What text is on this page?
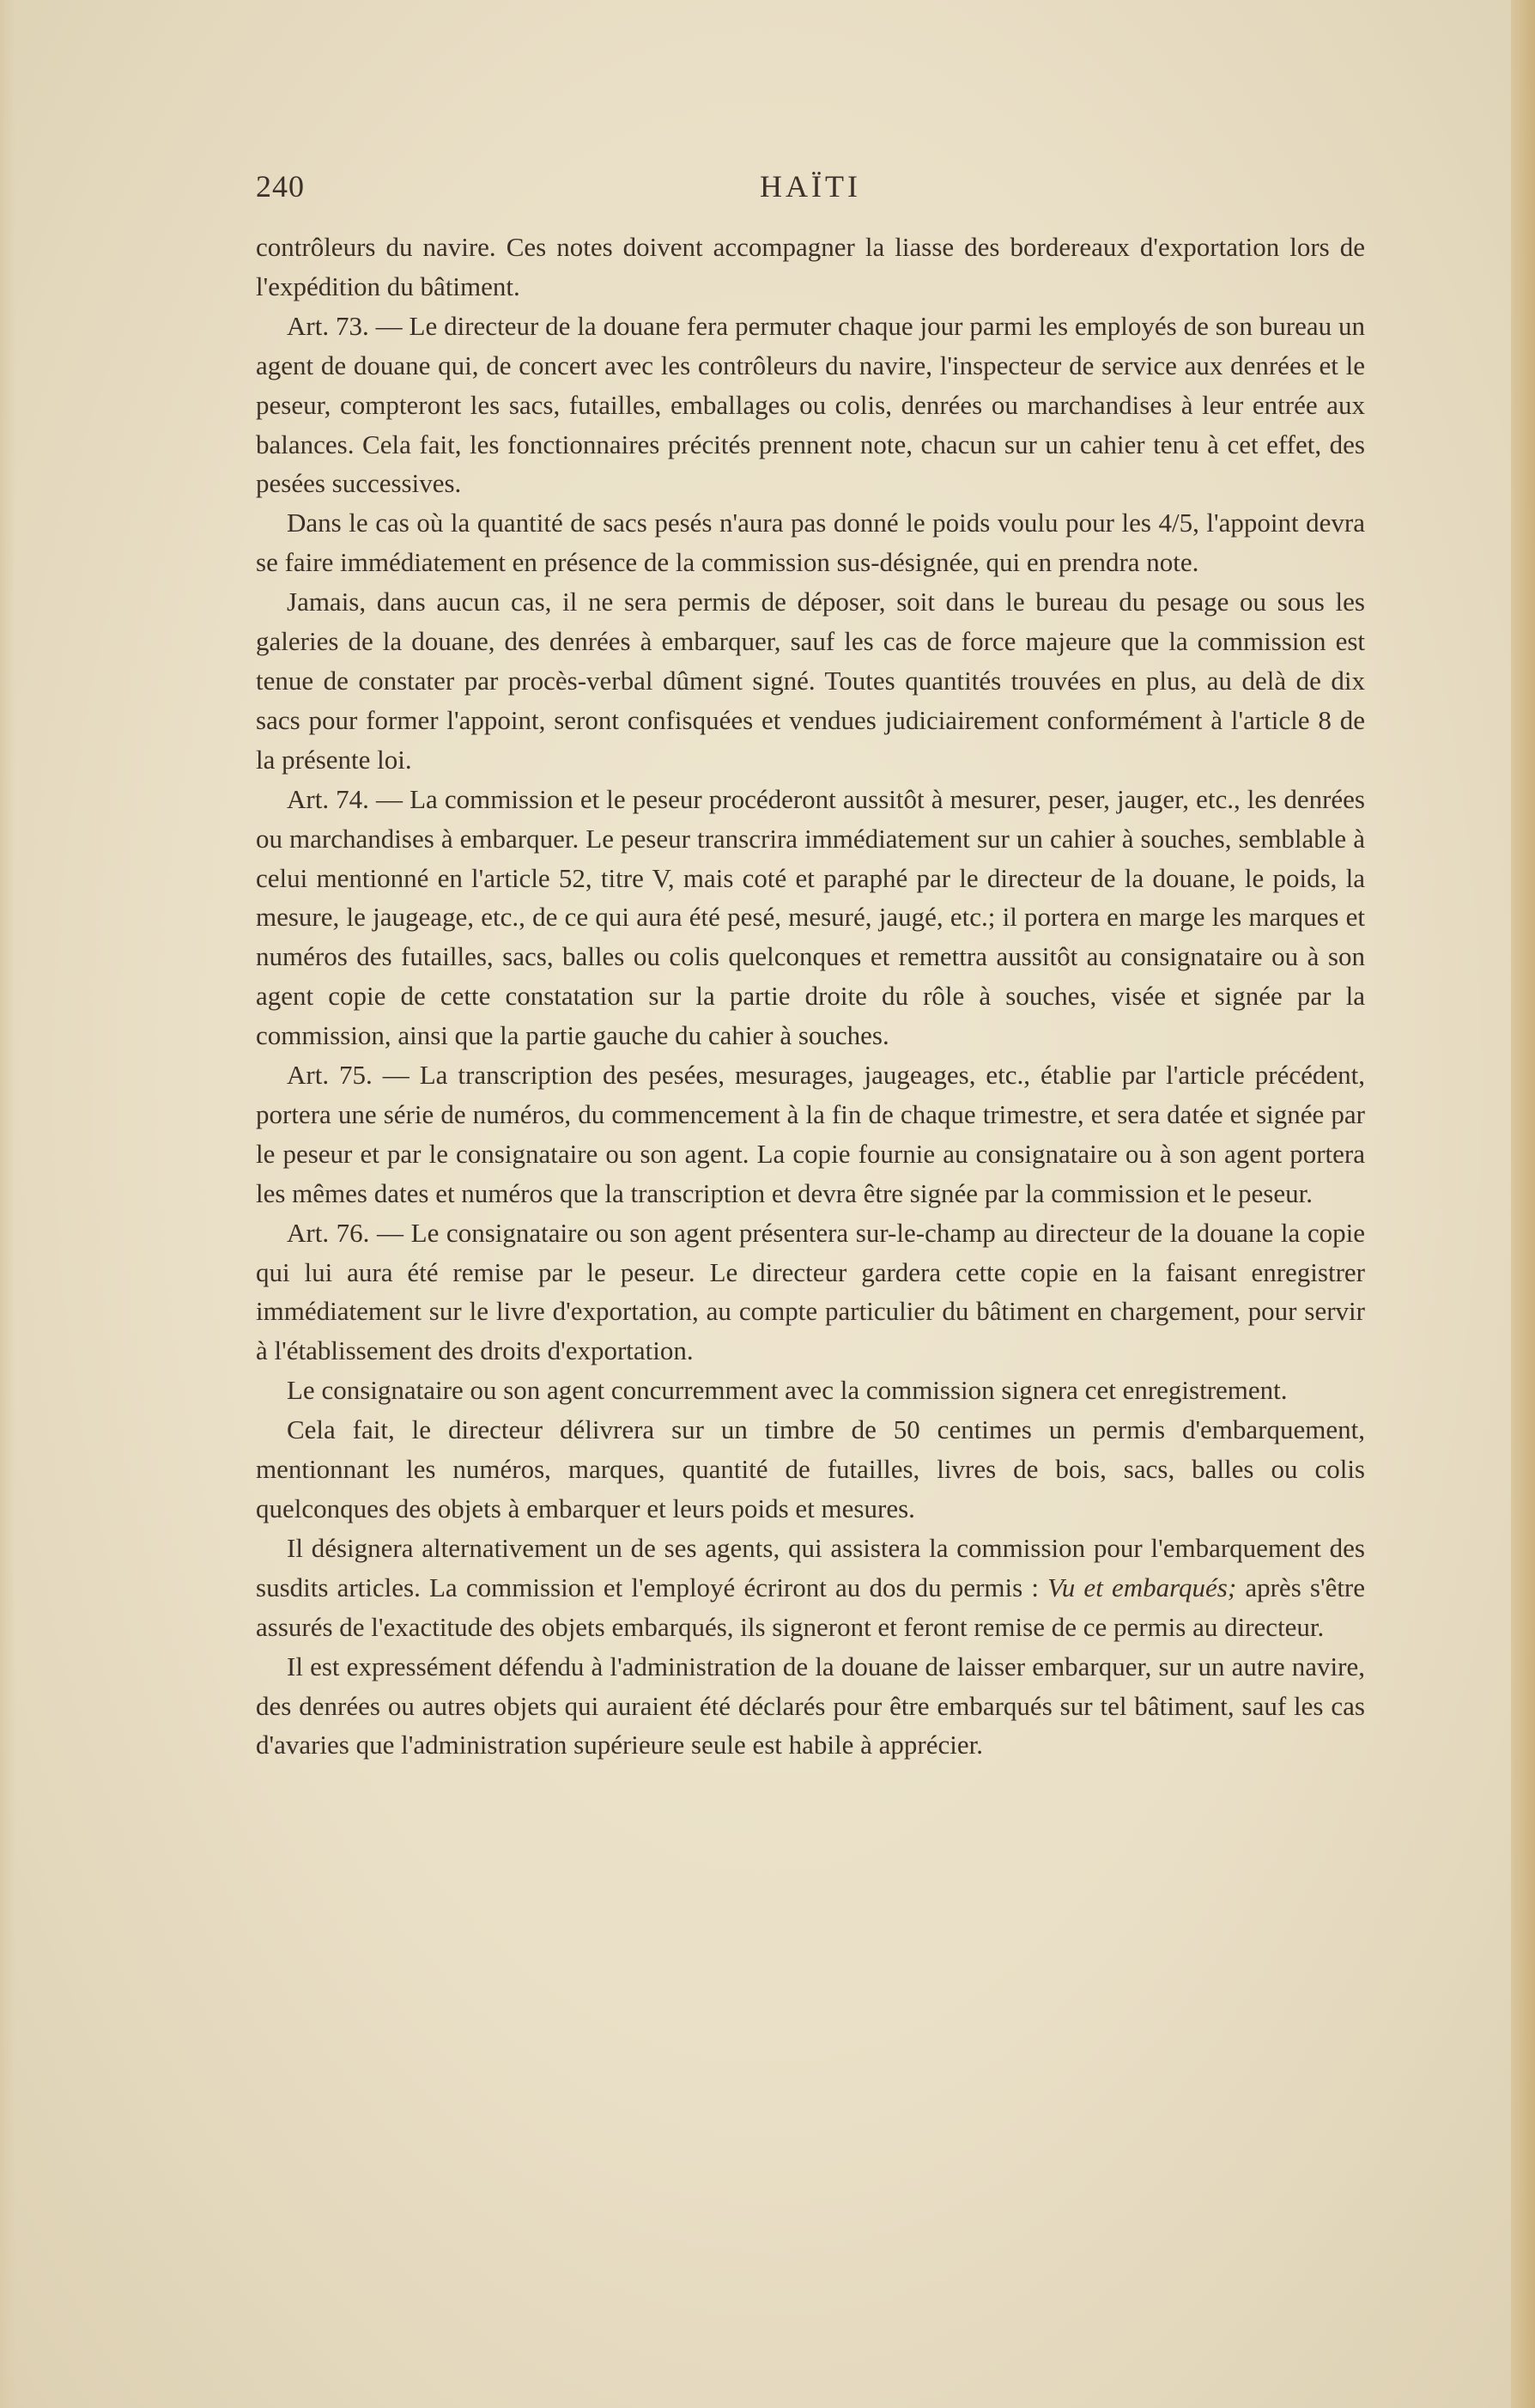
240	HAÏTI

contrôleurs du navire. Ces notes doivent accompagner la liasse des bordereaux d'exportation lors de l'expédition du bâtiment.

Art. 73. — Le directeur de la douane fera permuter chaque jour parmi les employés de son bureau un agent de douane qui, de concert avec les contrôleurs du navire, l'inspecteur de service aux denrées et le peseur, compteront les sacs, futailles, emballages ou colis, denrées ou marchandises à leur entrée aux balances. Cela fait, les fonctionnaires précités prennent note, chacun sur un cahier tenu à cet effet, des pesées successives.

Dans le cas où la quantité de sacs pesés n'aura pas donné le poids voulu pour les 4/5, l'appoint devra se faire immédiatement en présence de la commission sus-désignée, qui en prendra note.

Jamais, dans aucun cas, il ne sera permis de déposer, soit dans le bureau du pesage ou sous les galeries de la douane, des denrées à embarquer, sauf les cas de force majeure que la commission est tenue de constater par procès-verbal dûment signé. Toutes quantités trouvées en plus, au delà de dix sacs pour former l'appoint, seront confisquées et vendues judiciairement conformément à l'article 8 de la présente loi.

Art. 74. — La commission et le peseur procéderont aussitôt à mesurer, peser, jauger, etc., les denrées ou marchandises à embarquer. Le peseur transcrira immédiatement sur un cahier à souches, semblable à celui mentionné en l'article 52, titre V, mais coté et paraphé par le directeur de la douane, le poids, la mesure, le jaugeage, etc., de ce qui aura été pesé, mesuré, jaugé, etc.; il portera en marge les marques et numéros des futailles, sacs, balles ou colis quelconques et remettra aussitôt au consignataire ou à son agent copie de cette constatation sur la partie droite du rôle à souches, visée et signée par la commission, ainsi que la partie gauche du cahier à souches.

Art. 75. — La transcription des pesées, mesurages, jaugeages, etc., établie par l'article précédent, portera une série de numéros, du commencement à la fin de chaque trimestre, et sera datée et signée par le peseur et par le consignataire ou son agent. La copie fournie au consignataire ou à son agent portera les mêmes dates et numéros que la transcription et devra être signée par la commission et le peseur.

Art. 76. — Le consignataire ou son agent présentera sur-le-champ au directeur de la douane la copie qui lui aura été remise par le peseur. Le directeur gardera cette copie en la faisant enregistrer immédiatement sur le livre d'exportation, au compte particulier du bâtiment en chargement, pour servir à l'établissement des droits d'exportation.

Le consignataire ou son agent concurremment avec la commission signera cet enregistrement.

Cela fait, le directeur délivrera sur un timbre de 50 centimes un permis d'embarquement, mentionnant les numéros, marques, quantité de futailles, livres de bois, sacs, balles ou colis quelconques des objets à embarquer et leurs poids et mesures.

Il désignera alternativement un de ses agents, qui assistera la commission pour l'embarquement des susdits articles. La commission et l'employé écriront au dos du permis : Vu et embarqués; après s'être assurés de l'exactitude des objets embarqués, ils signeront et feront remise de ce permis au directeur.

Il est expressément défendu à l'administration de la douane de laisser embarquer, sur un autre navire, des denrées ou autres objets qui auraient été déclarés pour être embarqués sur tel bâtiment, sauf les cas d'avaries que l'administration supérieure seule est habile à apprécier.
